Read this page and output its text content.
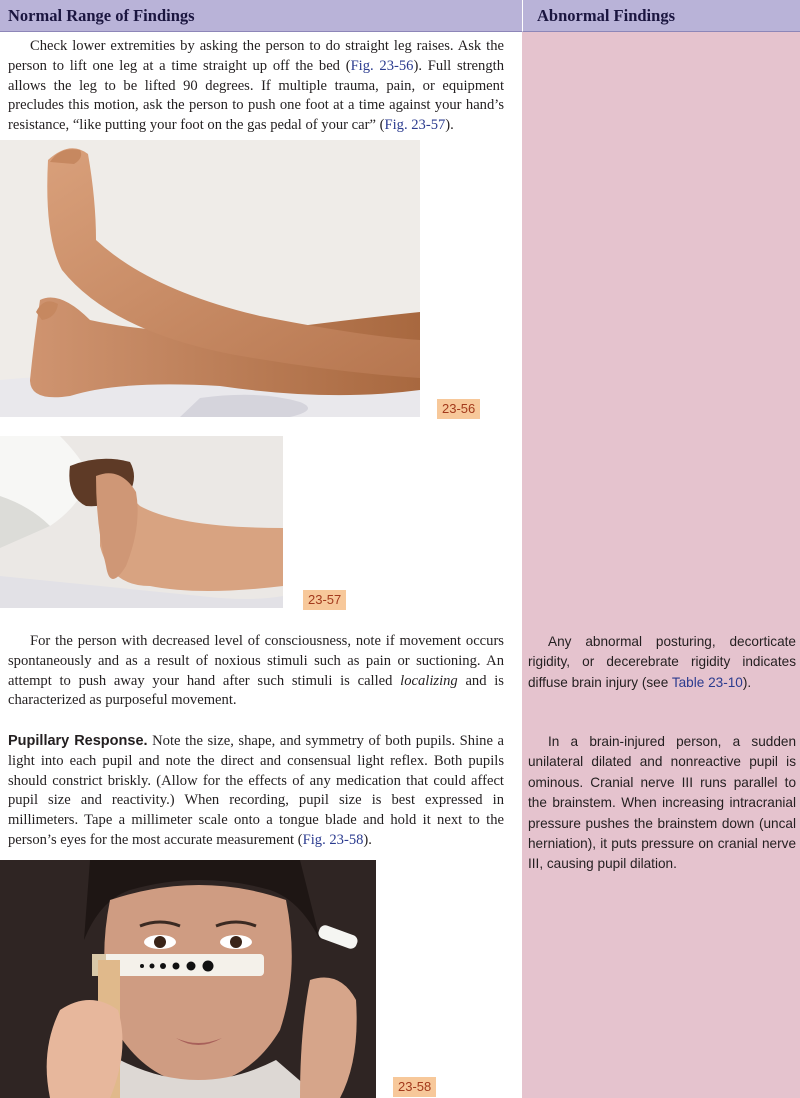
Normal Range of Findings	Abnormal Findings

Check lower extremities by asking the person to do straight leg raises. Ask the person to lift one leg at a time straight up off the bed (Fig. 23-56). Full strength allows the leg to be lifted 90 degrees. If multiple trauma, pain, or equipment precludes this motion, ask the person to push one foot at a time against your hand’s resistance, “like putting your foot on the gas pedal of your car” (Fig. 23-57).

23-56
23-57

For the person with decreased level of consciousness, note if movement occurs spontaneously and as a result of noxious stimuli such as pain or suctioning. An attempt to push away your hand after such stimuli is called localizing and is characterized as purposeful movement.

Pupillary Response. Note the size, shape, and symmetry of both pupils. Shine a light into each pupil and note the direct and consensual light reflex. Both pupils should constrict briskly. (Allow for the effects of any medication that could affect pupil size and reactivity.) When recording, pupil size is best expressed in millimeters. Tape a millimeter scale onto a tongue blade and hold it next to the person’s eyes for the most accurate measurement (Fig. 23-58).

Any abnormal posturing, decorticate rigidity, or decerebrate rigidity indicates diffuse brain injury (see Table 23-10).

In a brain-injured person, a sudden unilateral dilated and nonreactive pupil is ominous. Cranial nerve III runs parallel to the brainstem. When increasing intracranial pressure pushes the brainstem down (uncal herniation), it puts pressure on cranial nerve III, causing pupil dilation.

23-58
